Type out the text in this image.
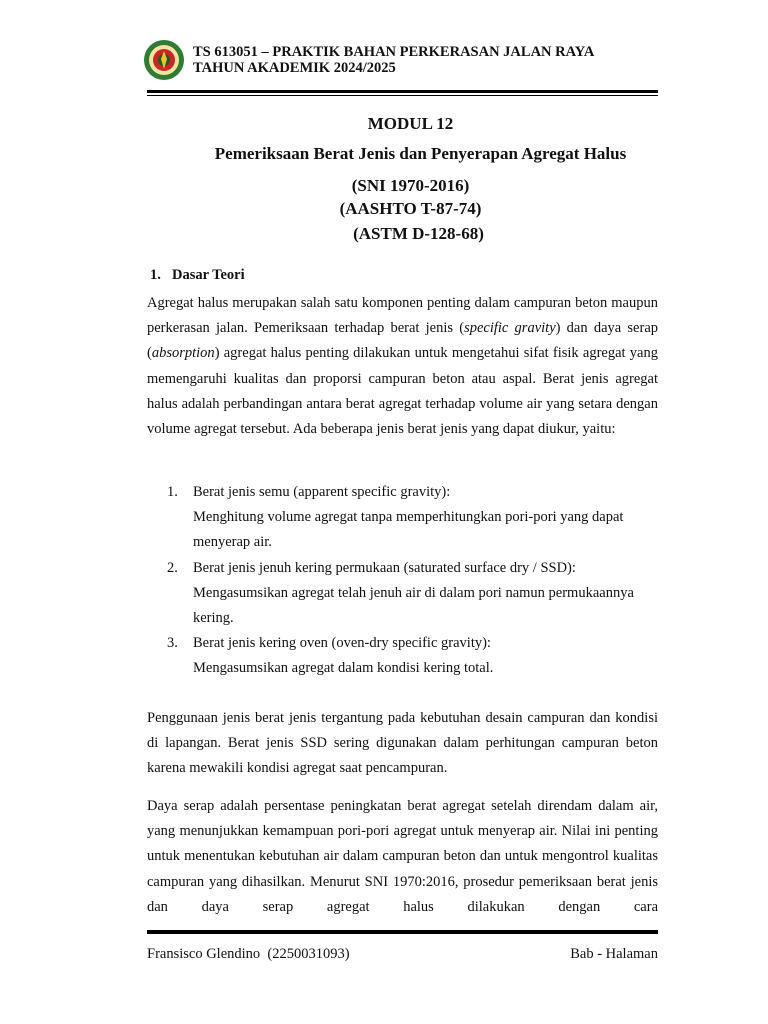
TS 613051 – PRAKTIK BAHAN PERKERASAN JALAN RAYA
TAHUN AKADEMIK 2024/2025
MODUL 12
Pemeriksaan Berat Jenis dan Penyerapan Agregat Halus
(SNI 1970-2016)
(AASHTO T-87-74)
(ASTM D-128-68)
1. Dasar Teori
Agregat halus merupakan salah satu komponen penting dalam campuran beton maupun perkerasan jalan. Pemeriksaan terhadap berat jenis (specific gravity) dan daya serap (absorption) agregat halus penting dilakukan untuk mengetahui sifat fisik agregat yang memengaruhi kualitas dan proporsi campuran beton atau aspal. Berat jenis agregat halus adalah perbandingan antara berat agregat terhadap volume air yang setara dengan volume agregat tersebut. Ada beberapa jenis berat jenis yang dapat diukur, yaitu:
1. Berat jenis semu (apparent specific gravity):
Menghitung volume agregat tanpa memperhitungkan pori-pori yang dapat menyerap air.
2. Berat jenis jenuh kering permukaan (saturated surface dry / SSD):
Mengasumsikan agregat telah jenuh air di dalam pori namun permukaannya kering.
3. Berat jenis kering oven (oven-dry specific gravity):
Mengasumsikan agregat dalam kondisi kering total.
Penggunaan jenis berat jenis tergantung pada kebutuhan desain campuran dan kondisi di lapangan. Berat jenis SSD sering digunakan dalam perhitungan campuran beton karena mewakili kondisi agregat saat pencampuran.
Daya serap adalah persentase peningkatan berat agregat setelah direndam dalam air, yang menunjukkan kemampuan pori-pori agregat untuk menyerap air. Nilai ini penting untuk menentukan kebutuhan air dalam campuran beton dan untuk mengontrol kualitas campuran yang dihasilkan. Menurut SNI 1970:2016, prosedur pemeriksaan berat jenis dan daya serap agregat halus dilakukan dengan cara
Fransisco Glendino  (2250031093)	Bab - Halaman
